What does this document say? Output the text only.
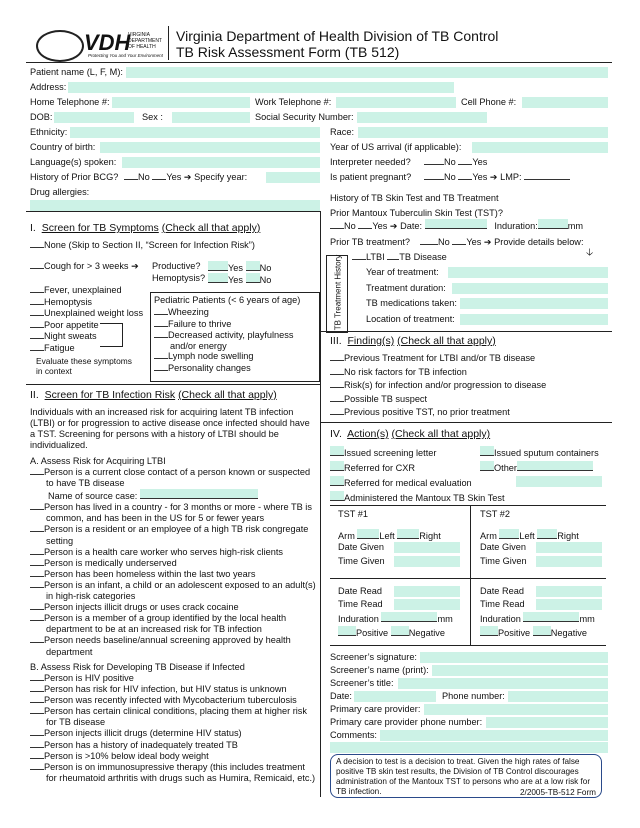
VDH
VIRGINIA DEPARTMENT OF HEALTH
Protecting You and Your Environment
Virginia Department of Health Division of TB Control
TB Risk Assessment Form (TB 512)
Patient name (L, F, M):
Address:
Home Telephone #:	Work Telephone #:	Cell Phone #:
DOB:	Sex :	Social Security Number:
Ethnicity:	Race:
Country of birth:	Year of US arrival (if applicable):
Language(s) spoken:	Interpreter needed?	No Yes
History of Prior BCG?	No Yes ➔ Specify year:	Is patient pregnant?	No Yes ➔ LMP:
Drug allergies:
History of TB Skin Test and TB Treatment
Prior Mantoux Tuberculin Skin Test (TST)?
No Yes ➔ Date:	Induration:	mm
Prior TB treatment?	No Yes ➔ Provide details below:
🡣
TB Treatment History	LTBI TB Disease
Year of treatment:
Treatment duration:
TB medications taken:
Location of treatment:
I. Screen for TB Symptoms (Check all that apply)
None (Skip to Section II, “Screen for Infection Risk”)
Cough for > 3 weeks ➔ Productive?	Yes No
Hemoptysis?	Yes No
Fever, unexplained
Hemoptysis
Unexplained weight loss
Poor appetite
Night sweats
Fatigue
Evaluate these symptoms in context
Pediatric Patients (< 6 years of age)
Wheezing
Failure to thrive
Decreased activity, playfulness and/or energy
Lymph node swelling
Personality changes
II. Screen for TB Infection Risk (Check all that apply)
Individuals with an increased risk for acquiring latent TB infection (LTBI) or for progression to active disease once infected should have a TST. Screening for persons with a history of LTBI should be individualized.
A. Assess Risk for Acquiring LTBI
Person is a current close contact of a person known or suspected to have TB disease
Name of source case:
Person has lived in a country - for 3 months or more - where TB is common, and has been in the US for 5 or fewer years
Person is a resident or an employee of a high TB risk congregate setting
Person is a health care worker who serves high-risk clients
Person is medically underserved
Person has been homeless within the last two years
Person is an infant, a child or an adolescent exposed to an adult(s) in high-risk categories
Person injects illicit drugs or uses crack cocaine
Person is a member of a group identified by the local health department to be at an increased risk for TB infection
Person needs baseline/annual screening approved by health department
B. Assess Risk for Developing TB Disease if Infected
Person is HIV positive
Person has risk for HIV infection, but HIV status is unknown
Person was recently infected with Mycobacterium tuberculosis
Person has certain clinical conditions, placing them at higher risk for TB disease
Person injects illicit drugs (determine HIV status)
Person has a history of inadequately treated TB
Person is >10% below ideal body weight
Person is on immunosupressive therapy (this includes treatment for rheumatoid arthritis with drugs such as Humira, Remicaid, etc.)
III. Finding(s) (Check all that apply)
Previous Treatment for LTBI and/or TB disease
No risk factors for TB infection
Risk(s) for infection and/or progression to disease
Possible TB suspect
Previous positive TST, no prior treatment
IV. Action(s) (Check all that apply)
Issued screening letter	Issued sputum containers
Referred for CXR	Other
Referred for medical evaluation
Administered the Mantoux TB Skin Test
TST #1
Arm	Left	Right
Date Given
Time Given
Date Read
Time Read
Induration	mm
Positive Negative
TST #2
Arm Left Right
Date Given
Time Given
Date Read
Time Read
Induration	mm
Positive Negative
Screener’s signature:
Screener’s name (print):
Screener’s title:
Date:	Phone number:
Primary care provider:
Primary care provider phone number:
Comments:
A decision to test is a decision to treat. Given the high rates of false positive TB skin test results, the Division of TB Control discourages administration of the Mantoux TST to persons who are at a low risk for TB infection.	2/2005-TB-512 Form
